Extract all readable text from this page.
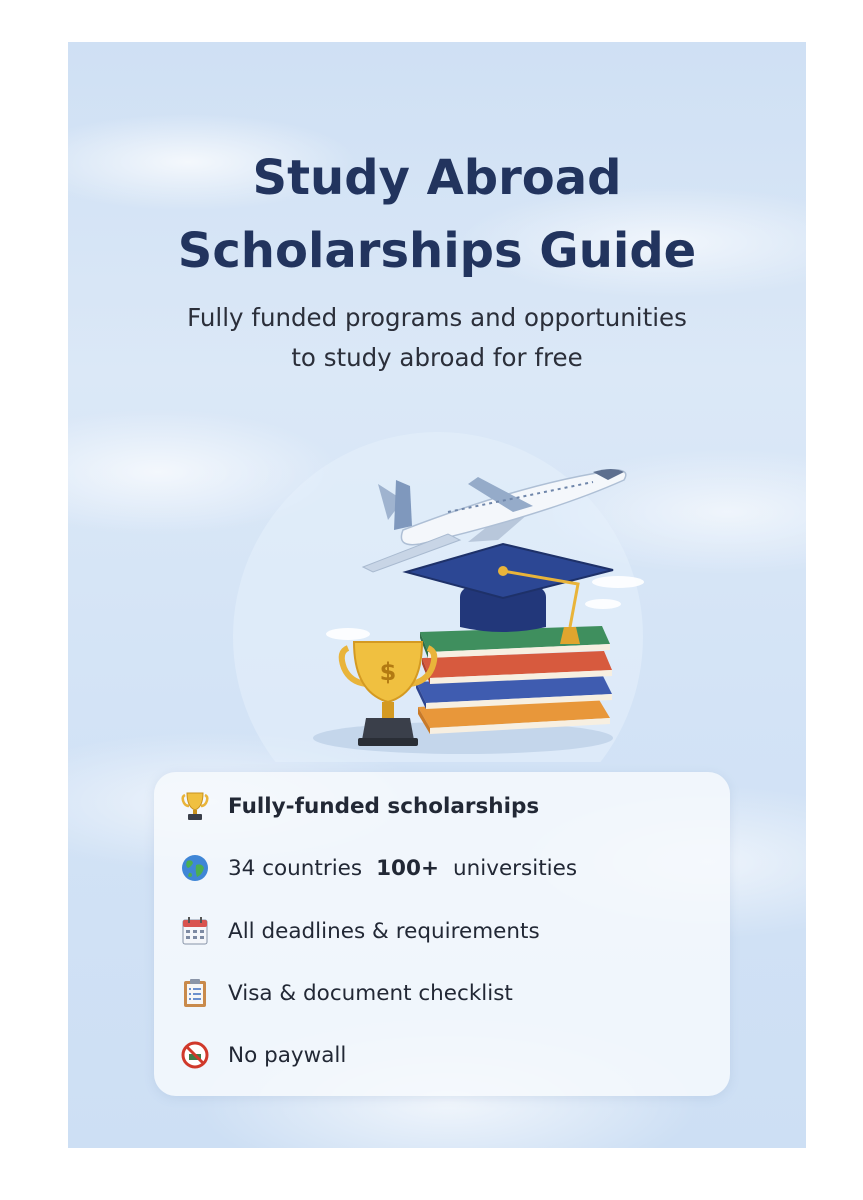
Study Abroad
Scholarships Guide

Fully funded programs and opportunities
to study abroad for free

$
Fully-funded scholarships
34 countries 100+ universities
All deadlines & requirements
Visa & document checklist
No paywall
